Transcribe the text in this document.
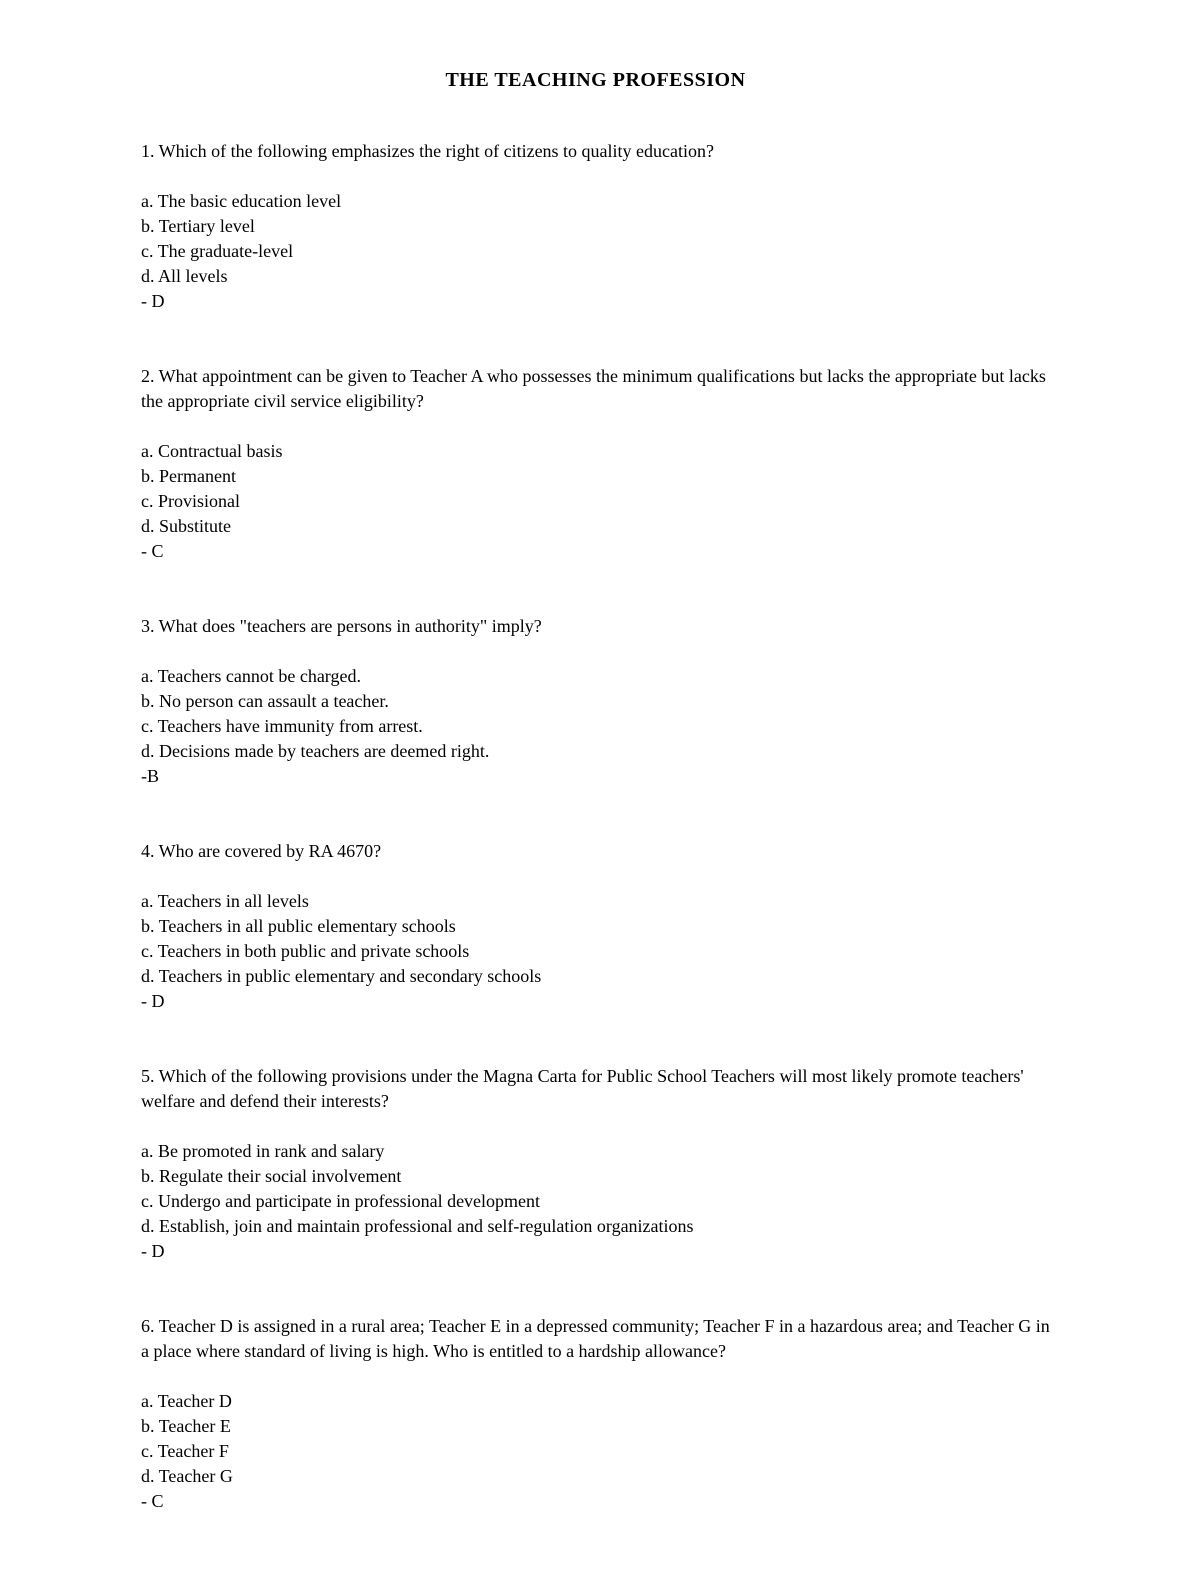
THE TEACHING PROFESSION

1. Which of the following emphasizes the right of citizens to quality education?

a. The basic education level

b. Tertiary level

c. The graduate-level

d. All levels

- D

2. What appointment can be given to Teacher A who possesses the minimum qualifications but lacks the appropriate but lacks the appropriate civil service eligibility?

a. Contractual basis

b. Permanent

c. Provisional

d. Substitute

- C

3. What does "teachers are persons in authority" imply?

a. Teachers cannot be charged.

b. No person can assault a teacher.

c. Teachers have immunity from arrest.

d. Decisions made by teachers are deemed right.

-B

4. Who are covered by RA 4670?

a. Teachers in all levels

b. Teachers in all public elementary schools

c. Teachers in both public and private schools

d. Teachers in public elementary and secondary schools

- D

5. Which of the following provisions under the Magna Carta for Public School Teachers will most likely promote teachers' welfare and defend their interests?

a. Be promoted in rank and salary

b. Regulate their social involvement

c. Undergo and participate in professional development

d. Establish, join and maintain professional and self-regulation organizations

- D

6. Teacher D is assigned in a rural area; Teacher E in a depressed community; Teacher F in a hazardous area; and Teacher G in a place where standard of living is high. Who is entitled to a hardship allowance?

a. Teacher D

b. Teacher E

c. Teacher F

d. Teacher G

- C
